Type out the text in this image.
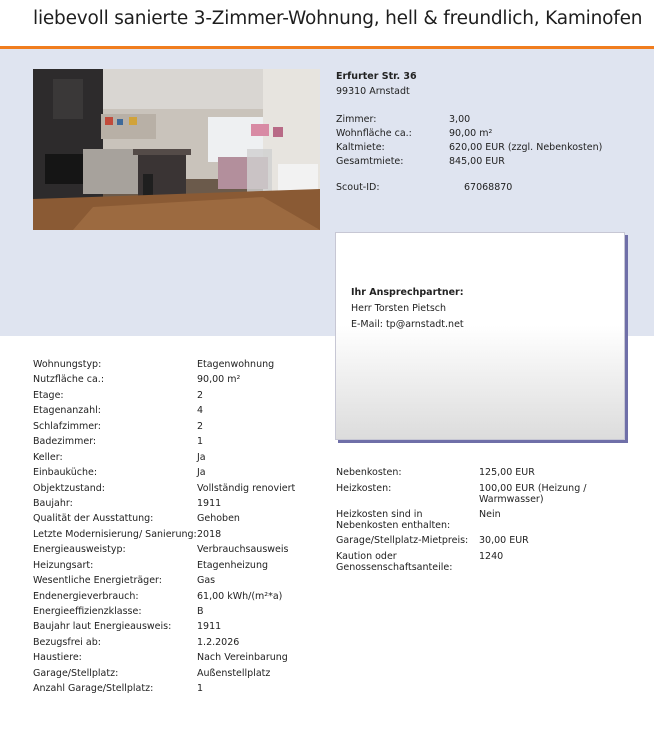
liebevoll sanierte 3-Zimmer-Wohnung, hell & freundlich, Kaminofen
Erfurter Str. 36
99310 Arnstadt
Zimmer:	3,00
Wohnfläche ca.:	90,00 m²
Kaltmiete:	620,00 EUR (zzgl. Nebenkosten)
Gesamtmiete:	845,00 EUR
Scout-ID:	67068870
Ihr Ansprechpartner:
Herr Torsten Pietsch
E-Mail: tp@arnstadt.net
Wohnungstyp:	Etagenwohnung
Nutzfläche ca.:	90,00 m²
Etage:	2
Etagenanzahl:	4
Schlafzimmer:	2
Badezimmer:	1
Keller:	Ja
Einbauküche:	Ja
Objektzustand:	Vollständig renoviert
Baujahr:	1911
Qualität der Ausstattung:	Gehoben
Letzte Modernisierung/ Sanierung: 2018
Energieausweistyp:	Verbrauchsausweis
Heizungsart:	Etagenheizung
Wesentliche Energieträger:	Gas
Endenergieverbrauch:	61,00 kWh/(m²*a)
Energieeffizienzklasse:	B
Baujahr laut Energieausweis:	1911
Bezugsfrei ab:	1.2.2026
Haustiere:	Nach Vereinbarung
Garage/Stellplatz:	Außenstellplatz
Anzahl Garage/Stellplatz:	1
Nebenkosten:	125,00 EUR
Heizkosten:	100,00 EUR (Heizung / Warmwasser)
Heizkosten sind in Nebenkosten enthalten:
Nein
Garage/Stellplatz-Mietpreis:	30,00 EUR
Kaution oder Genossenschaftsanteile:
1240
